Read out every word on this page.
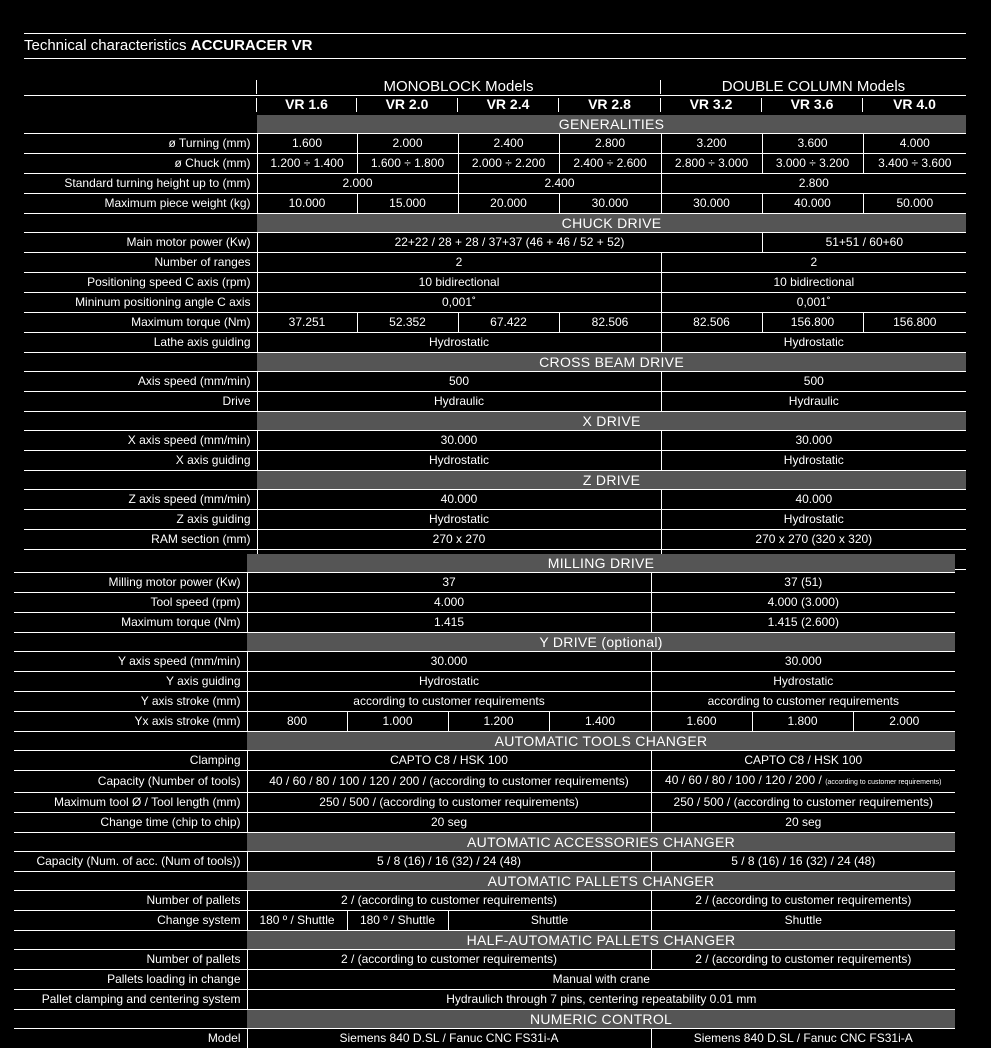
Technical characteristics ACCURACER VR
MONOBLOCK Models	DOUBLE COLUMN Models
VR 1.6	VR 2.0	VR 2.4	VR 2.8	VR 3.2	VR 3.6	VR 4.0
	GENERALITIES						
ø Turning (mm)	1.600	2.000	2.400	2.800	3.200	3.600	4.000
ø Chuck (mm)	1.200 ÷ 1.400	1.600 ÷ 1.800	2.000 ÷ 2.200	2.400 ÷ 2.600	2.800 ÷ 3.000	3.000 ÷ 3.200	3.400 ÷ 3.600
Standard turning height up to (mm)	2.000		2.400		2.800		
Maximum piece weight (kg)	10.000	15.000	20.000	30.000	30.000	40.000	50.000
	CHUCK DRIVE						
Main motor power (Kw)	22+22 / 28 + 28 / 37+37 (46 + 46 / 52 + 52)					51+51 / 60+60	
Number of ranges	2				2		
Positioning speed C axis (rpm)	10 bidirectional				10 bidirectional		
Mininum positioning angle C axis	0,001˚				0,001˚		
Maximum torque (Nm)	37.251	52.352	67.422	82.506	82.506	156.800	156.800
Lathe axis guiding	Hydrostatic				Hydrostatic		
	CROSS BEAM DRIVE						
Axis speed (mm/min)	500				500		
Drive	Hydraulic				Hydraulic		
	X DRIVE						
X axis speed (mm/min)	30.000				30.000		
X axis guiding	Hydrostatic				Hydrostatic		
	Z DRIVE						
Z axis speed (mm/min)	40.000				40.000		
Z axis guiding	Hydrostatic				Hydrostatic		
RAM section (mm)	270 x 270				270 x 270 (320 x 320)		

	MILLING DRIVE						
Milling motor power (Kw)	37				37 (51)		
Tool speed (rpm)	4.000				4.000 (3.000)		
Maximum torque (Nm)	1.415				1.415 (2.600)		
	Y DRIVE (optional)						
Y axis speed (mm/min)	30.000				30.000		
Y axis guiding	Hydrostatic				Hydrostatic		
Y axis stroke (mm)	according to customer requirements				according to customer requirements		
Yx axis stroke (mm)	800	1.000	1.200	1.400	1.600	1.800	2.000
	AUTOMATIC TOOLS CHANGER						
Clamping	CAPTO C8 / HSK 100				CAPTO C8 / HSK 100		
Capacity (Number of tools)	40 / 60 / 80 / 100 / 120 / 200 / (according to customer requirements)				40 / 60 / 80 / 100 / 120 / 200 / (according to customer requirements)		
Maximum tool Ø / Tool length (mm)	250 / 500 / (according to customer requirements)				250 / 500 / (according to customer requirements)		
Change time (chip to chip)	20 seg				20 seg		
	AUTOMATIC ACCESSORIES CHANGER						
Capacity (Num. of acc. (Num of tools))	5 / 8 (16) / 16 (32) / 24 (48)				5 / 8 (16) / 16 (32) / 24 (48)		
	AUTOMATIC PALLETS CHANGER						
Number of pallets	2 / (according to customer requirements)				2 / (according to customer requirements)		
Change system	180 º / Shuttle	180 º / Shuttle	Shuttle		Shuttle		
	HALF-AUTOMATIC PALLETS CHANGER						
Number of pallets	2 / (according to customer requirements)				2 / (according to customer requirements)		
Pallets loading in change	Manual with crane						
Pallet clamping and centering system	Hydraulich through 7 pins, centering repeatability 0.01 mm						
	NUMERIC CONTROL						
Model	Siemens 840 D.SL / Fanuc CNC FS31i-A				Siemens 840 D.SL / Fanuc CNC FS31i-A		
